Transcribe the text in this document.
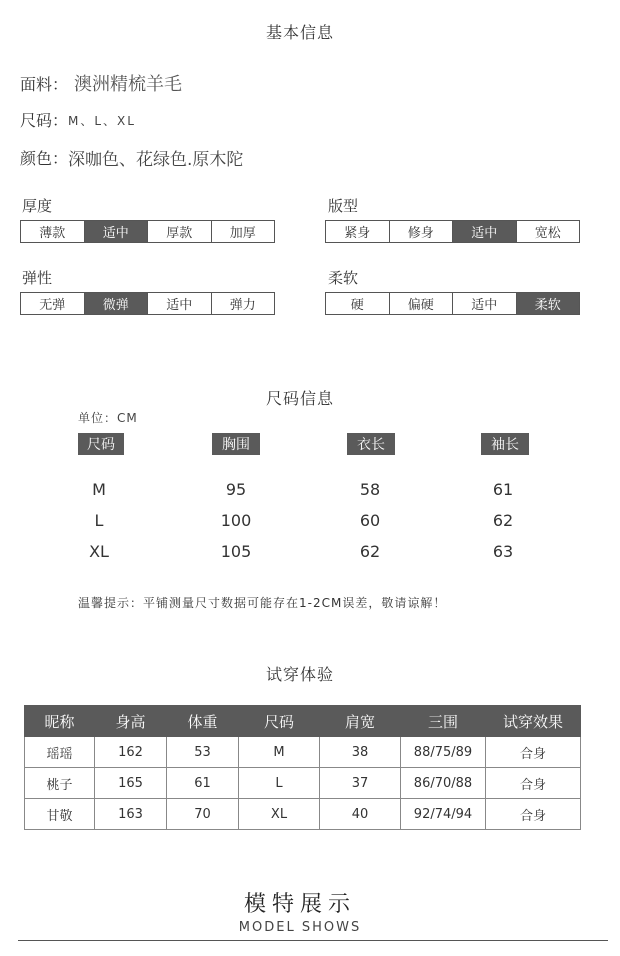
基本信息
面料： 澳洲精梳羊毛
尺码： M、L、XL
颜色： 深咖色、花绿色.原木陀
厚度
薄款	适中	厚款	加厚
版型
紧身	修身	适中	宽松
弹性
无弹	微弹	适中	弹力
柔软
硬	偏硬	适中	柔软
尺码信息
单位：CM
尺码	胸围	衣长	袖长
M	95	58	61
L	100	60	62
XL	105	62	63
温馨提示：平铺测量尺寸数据可能存在1-2CM误差，敬请谅解！
试穿体验
昵称	身高	体重	尺码	肩宽	三围	试穿效果
瑶瑶	162	53	M	38	88/75/89	合身
桃子	165	61	L	37	86/70/88	合身
甘敬	163	70	XL	40	92/74/94	合身
模特展示
MODEL SHOWS
